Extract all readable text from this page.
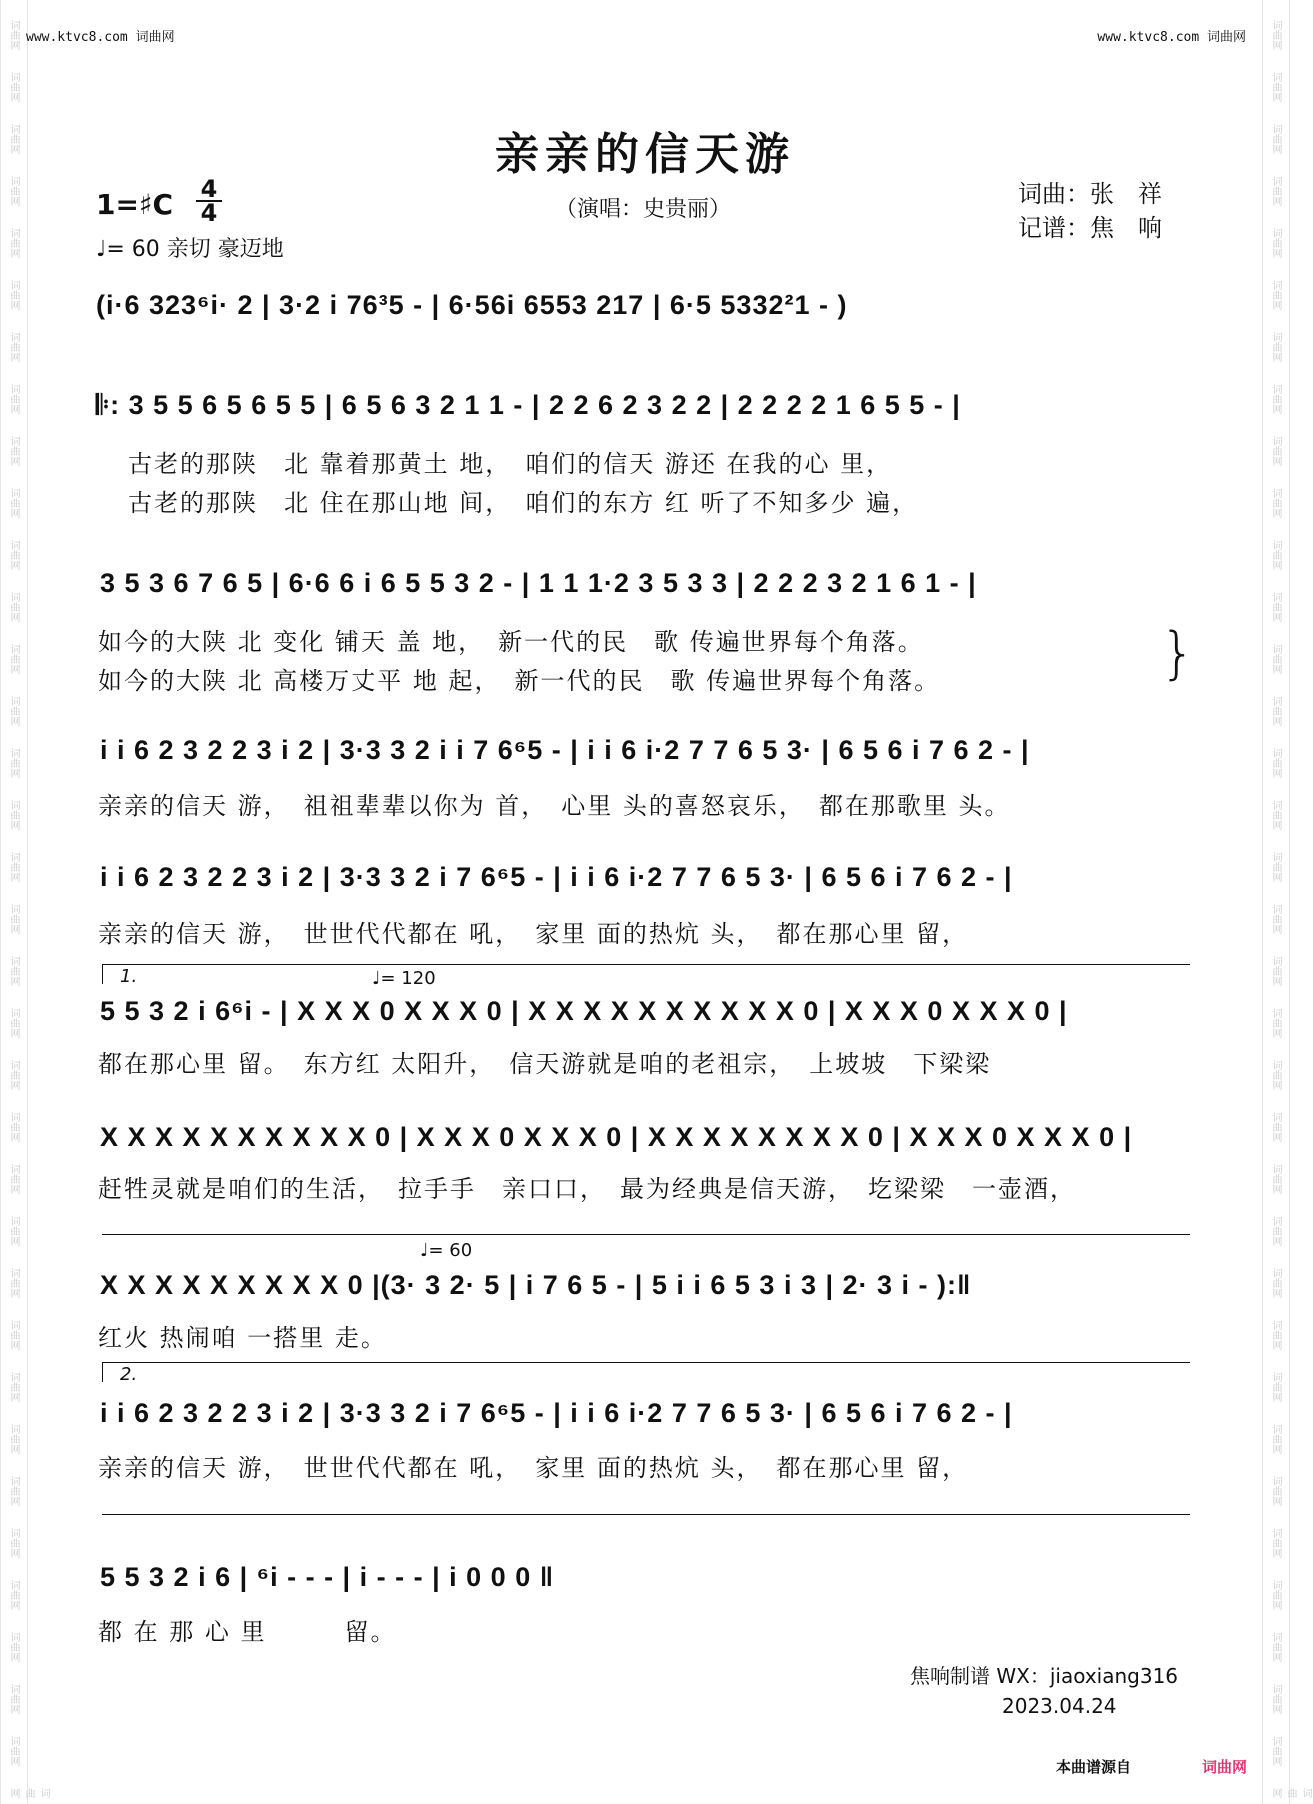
词曲网
词曲网
词曲网
词曲网
词曲网
词曲网
词曲网
词曲网
词曲网
词曲网
词曲网
词曲网
词曲网
词曲网
词曲网
词曲网
词曲网
词曲网
词曲网
词曲网
词曲网
词曲网
词曲网
词曲网
词曲网
词曲网
词曲网
词曲网
词曲网
词曲网
词曲网
词曲网
词曲网
词曲网
词曲网
词曲网
词曲网
词曲网
词曲网
词曲网
词曲网
词曲网
词曲网
词曲网
词曲网
词曲网
词曲网
词曲网
词曲网
词曲网
词曲网
词曲网
词曲网
词曲网
词曲网
词曲网
词曲网
词曲网
词曲网
词曲网
词曲网
词曲网
词曲网
词曲网
词曲网
词曲网
词曲网
词曲网
词曲网
词曲网
www.ktvc8.com 词曲网	www.ktvc8.com 词曲网
亲亲的信天游
（演唱：史贵丽）
词曲：张　祥
记谱：焦　响
1=♯C 4
4
♩= 60 亲切 豪迈地
(i·6 323⁶i· 2 | 3·2 i 76³5 - | 6·56i 6553 217 | 6·5 5332²1 - )
𝄆: 3 5 5 6 5 6 5 5 | 6 5 6 3 2 1 1 - | 2 2 6 2 3 2 2 | 2 2 2 2 1 6 5 5 - |
古老的那陕　北 靠着那黄土 地，　咱们的信天 游还 在我的心 里，
古老的那陕　北 住在那山地 间，　咱们的东方 红 听了不知多少 遍，
3 5 3 6 7 6 5 | 6·6 6 i 6 5 5 3 2 - | 1 1 1·2 3 5 3 3 | 2 2 2 3 2 1 6 1 - |
如今的大陕 北 变化 铺天 盖 地，　新一代的民　歌 传遍世界每个角落。
如今的大陕 北 高楼万丈平 地 起，　新一代的民　歌 传遍世界每个角落。	}
i i 6 2 3 2 2 3 i 2 | 3·3 3 2 i i 7 6⁶5 - | i i 6 i·2 7 7 6 5 3· | 6 5 6 i 7 6 2 - |
亲亲的信天 游，　祖祖辈辈以你为 首，　心里 头的喜怒哀乐，　都在那歌里 头。
i i 6 2 3 2 2 3 i 2 | 3·3 3 2 i 7 6⁶5 - | i i 6 i·2 7 7 6 5 3· | 6 5 6 i 7 6 2 - |
亲亲的信天 游，　世世代代都在 吼，　家里 面的热炕 头，　都在那心里 留，
1.	♩= 120
5 5 3 2 i 6⁶i - | X X X 0 X X X 0 | X X X X X X X X X X 0 | X X X 0 X X X 0 |
都在那心里 留。　东方红 太阳升，　信天游就是咱的老祖宗，　上坡坡　下梁梁
X X X X X X X X X X 0 | X X X 0 X X X 0 | X X X X X X X X 0 | X X X 0 X X X 0 |
赶牲灵就是咱们的生活，　拉手手　亲口口，　最为经典是信天游，　圪梁梁　一壶酒，
♩= 60
X X X X X X X X X 0 |(3· 3 2· 5 | i 7 6 5 - | 5 i i 6 5 3 i 3 | 2· 3 i - ):‖
红火 热闹咱 一搭里 走。
2.
i i 6 2 3 2 2 3 i 2 | 3·3 3 2 i 7 6⁶5 - | i i 6 i·2 7 7 6 5 3· | 6 5 6 i 7 6 2 - |
亲亲的信天 游，　世世代代都在 吼，　家里 面的热炕 头，　都在那心里 留，
5 5 3 2 i 6 | ⁶i - - - | i - - - | i 0 0 0 ‖
都 在 那 心 里　　　留。
焦响制谱 WX：jiaoxiang316
2023.04.24
本曲谱源自	词曲网
